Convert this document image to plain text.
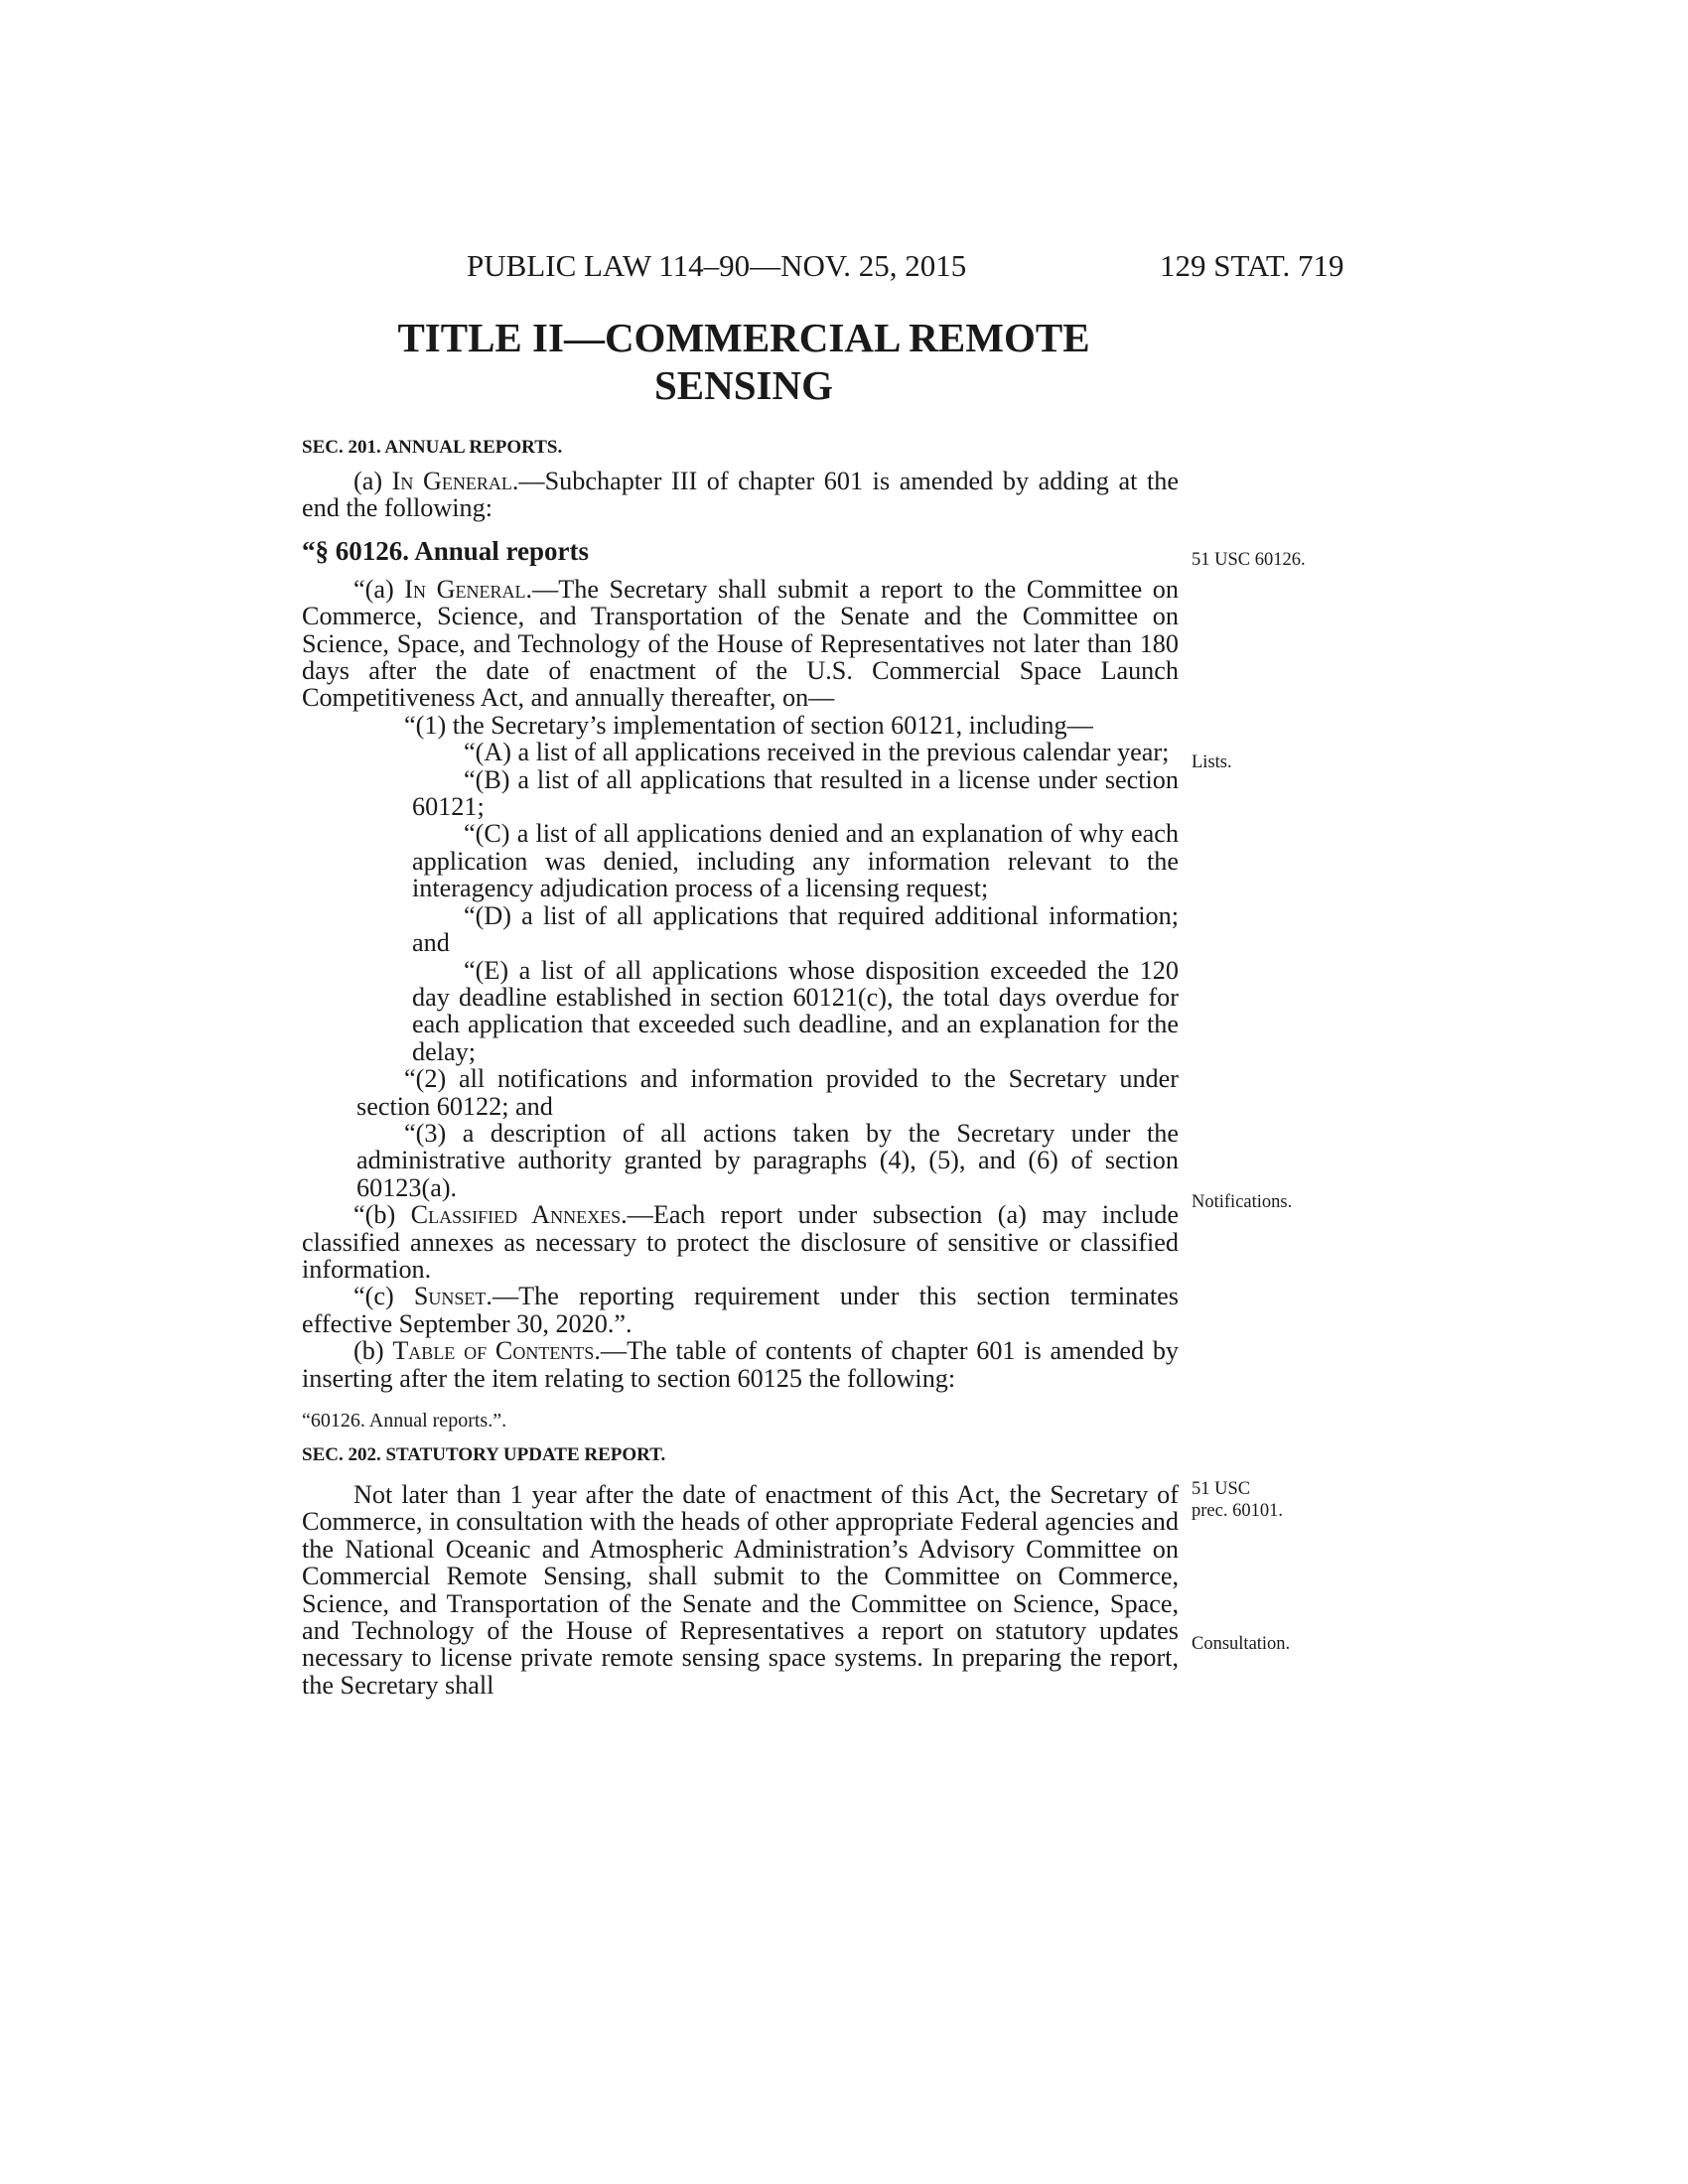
PUBLIC LAW 114–90—NOV. 25, 2015	129 STAT. 719
TITLE II—COMMERCIAL REMOTE
SENSING
SEC. 201. ANNUAL REPORTS.

(a) In General.—Subchapter III of chapter 601 is amended by adding at the end the following:

“§ 60126. Annual reports

“(a) In General.—The Secretary shall submit a report to the Committee on Commerce, Science, and Transportation of the Senate and the Committee on Science, Space, and Technology of the House of Representatives not later than 180 days after the date of enactment of the U.S. Commercial Space Launch Competitiveness Act, and annually thereafter, on—

“(1) the Secretary’s implementation of section 60121, including—

“(A) a list of all applications received in the previous calendar year;

“(B) a list of all applications that resulted in a license under section 60121;

“(C) a list of all applications denied and an explanation of why each application was denied, including any information relevant to the interagency adjudication process of a licensing request;

“(D) a list of all applications that required additional information; and

“(E) a list of all applications whose disposition exceeded the 120 day deadline established in section 60121(c), the total days overdue for each application that exceeded such deadline, and an explanation for the delay;

“(2) all notifications and information provided to the Secretary under section 60122; and

“(3) a description of all actions taken by the Secretary under the administrative authority granted by paragraphs (4), (5), and (6) of section 60123(a).

“(b) Classified Annexes.—Each report under subsection (a) may include classified annexes as necessary to protect the disclosure of sensitive or classified information.

“(c) Sunset.—The reporting requirement under this section terminates effective September 30, 2020.”.

(b) Table of Contents.—The table of contents of chapter 601 is amended by inserting after the item relating to section 60125 the following:

“60126. Annual reports.”.
SEC. 202. STATUTORY UPDATE REPORT.

Not later than 1 year after the date of enactment of this Act, the Secretary of Commerce, in consultation with the heads of other appropriate Federal agencies and the National Oceanic and Atmospheric Administration’s Advisory Committee on Commercial Remote Sensing, shall submit to the Committee on Commerce, Science, and Transportation of the Senate and the Committee on Science, Space, and Technology of the House of Representatives a report on statutory updates necessary to license private remote sensing space systems. In preparing the report, the Secretary shall

51 USC 60126.
Lists.
Notifications.
51 USC
prec. 60101.
Consultation.
